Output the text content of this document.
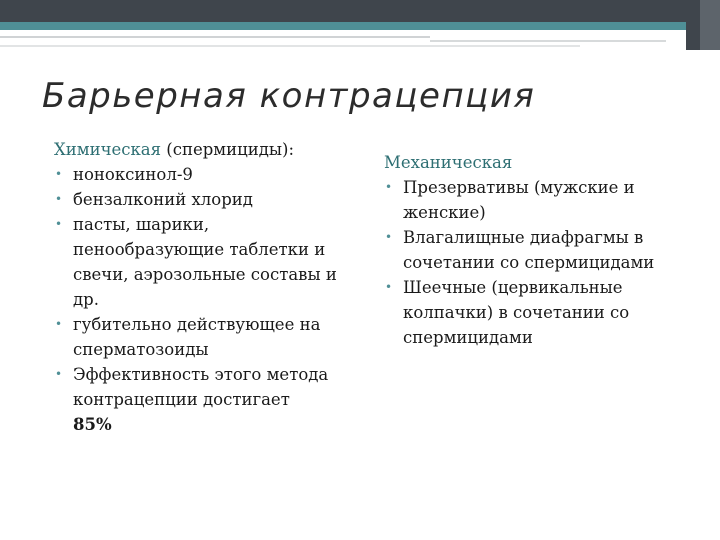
Барьерная контрацепция
Химическая (спермициды):
• ноноксинол-9
• бензалконий хлорид
• пасты, шарики, пенообразующие таблетки и свечи, аэрозольные составы и др.
• губительно действующее на сперматозоиды
• Эффективность этого метода контрацепции достигает
85%
Механическая
• Презервативы (мужские и женские)
• Влагалищные диафрагмы в сочетании со спермицидами
• Шеечные (цервикальные колпачки) в сочетании со спермицидами
